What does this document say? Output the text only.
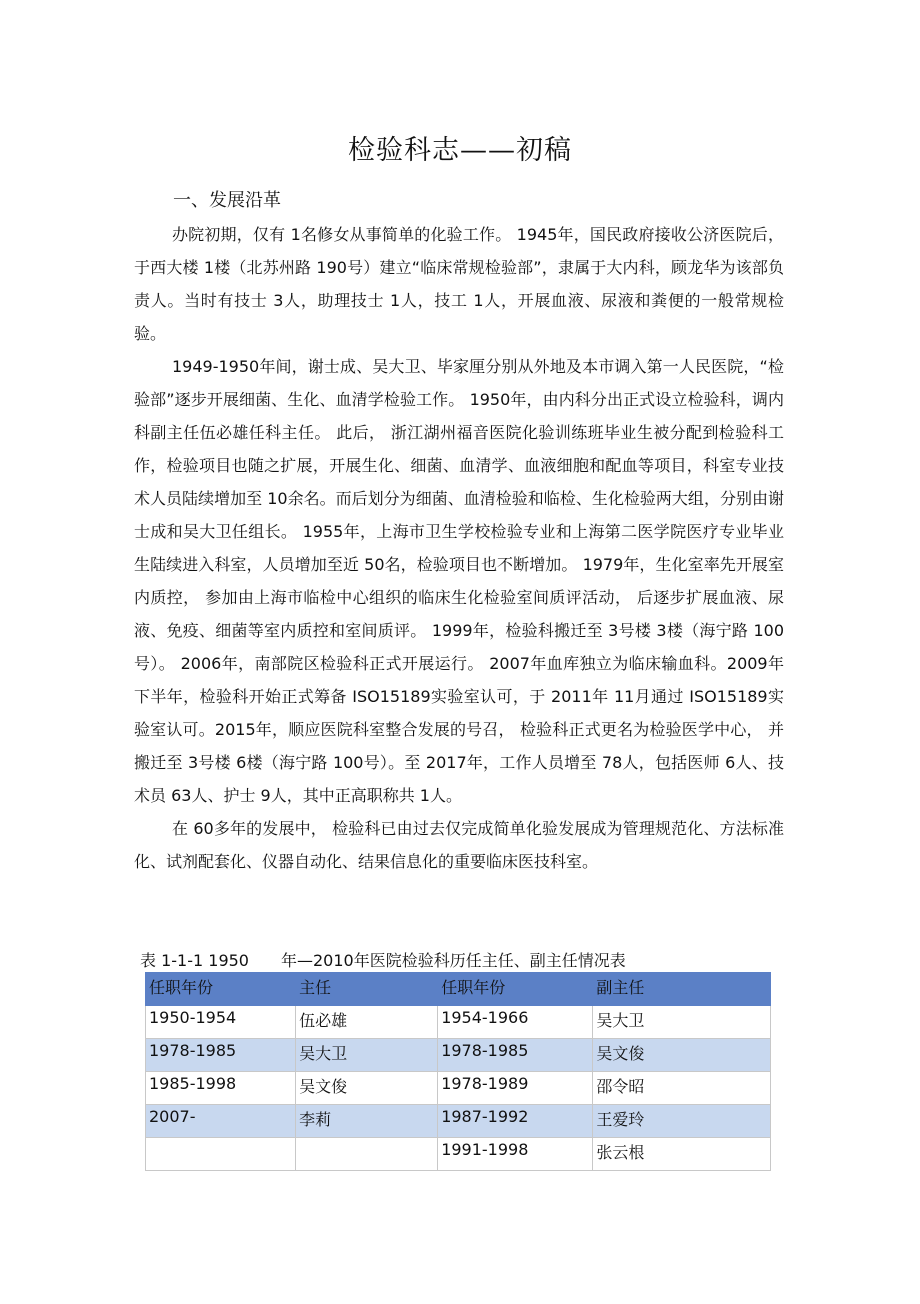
检验科志——初稿
一、发展沿革

办院初期，仅有 1名修女从事简单的化验工作。 1945年，国民政府接收公济医院后，于西大楼 1楼（北苏州路 190号）建立“临床常规检验部”，隶属于大内科，顾龙华为该部负责人。当时有技士 3人，助理技士 1人，技工 1人，开展血液、尿液和粪便的一般常规检验。

1949-1950年间，谢士成、吴大卫、毕家厘分别从外地及本市调入第一人民医院，“检验部”逐步开展细菌、生化、血清学检验工作。 1950年，由内科分出正式设立检验科，调内科副主任伍必雄任科主任。 此后， 浙江湖州福音医院化验训练班毕业生被分配到检验科工作，检验项目也随之扩展，开展生化、细菌、血清学、血液细胞和配血等项目，科室专业技术人员陆续增加至 10余名。而后划分为细菌、血清检验和临检、生化检验两大组，分别由谢士成和吴大卫任组长。 1955年，上海市卫生学校检验专业和上海第二医学院医疗专业毕业生陆续进入科室，人员增加至近 50名，检验项目也不断增加。 1979年，生化室率先开展室内质控， 参加由上海市临检中心组织的临床生化检验室间质评活动， 后逐步扩展血液、尿液、免疫、细菌等室内质控和室间质评。 1999年，检验科搬迁至 3号楼 3楼（海宁路 100号）。 2006年，南部院区检验科正式开展运行。 2007年血库独立为临床输血科。2009年下半年，检验科开始正式筹备 ISO15189实验室认可，于 2011年 11月通过 ISO15189实验室认可。2015年，顺应医院科室整合发展的号召， 检验科正式更名为检验医学中心， 并搬迁至 3号楼 6楼（海宁路 100号）。至 2017年，工作人员增至 78人，包括医师 6人、技术员 63人、护士 9人，其中正高职称共 1人。

在 60多年的发展中， 检验科已由过去仅完成简单化验发展成为管理规范化、方法标准化、试剂配套化、仪器自动化、结果信息化的重要临床医技科室。

表 1-1-1 1950　　年—2010年医院检验科历任主任、副主任情况表
任职年份	主任	任职年份	副主任
1950-1954	伍必雄	1954-1966	吴大卫
1978-1985	吴大卫	1978-1985	吴文俊
1985-1998	吴文俊	1978-1989	邵令昭
2007-	李莉	1987-1992	王爱玲
		1991-1998	张云根
